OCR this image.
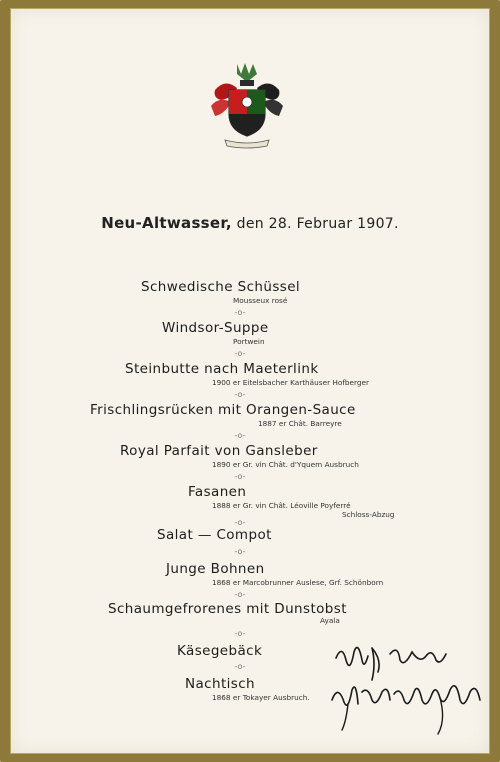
Neu-Altwasser, den 28. Februar 1907.
Schwedische Schüssel
Mousseux rosé
-o-
Windsor-Suppe
Portwein
-o-
Steinbutte nach Maeterlink
1900 er Eitelsbacher Karthäuser Hofberger
-o-
Frischlingsrücken mit Orangen-Sauce
1887 er Chât. Barreyre
-o-
Royal Parfait von Gansleber
1890 er Gr. vin Chât. d'Yquem Ausbruch
-o-
Fasanen
1888 er Gr. vin Chât. Léoville Poyferré
Schloss-Abzug
-o-
Salat — Compot
-o-
Junge Bohnen
1868 er Marcobrunner Auslese, Grf. Schönborn
-o-
Schaumgefrorenes mit Dunstobst
Ayala
-o-
Käsegebäck
-o-
Nachtisch
1868 er Tokayer Ausbruch.
